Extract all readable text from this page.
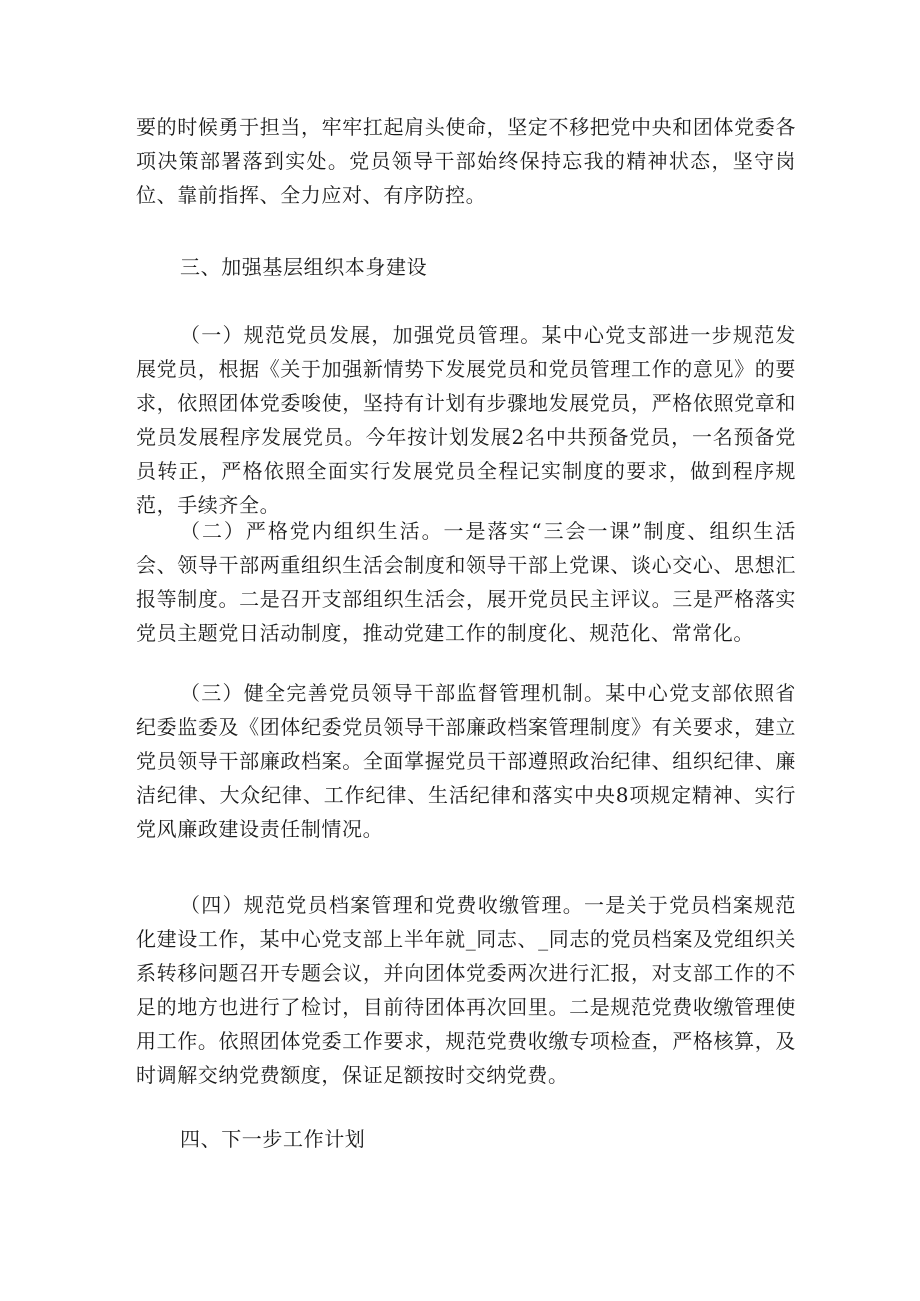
要的时候勇于担当，牢牢扛起肩头使命，坚定不移把党中央和团体党委各项决策部署落到实处。党员领导干部始终保持忘我的精神状态，坚守岗位、靠前指挥、全力应对、有序防控。

三、加强基层组织本身建设

（一）规范党员发展，加强党员管理。某中心党支部进一步规范发展党员，根据《关于加强新情势下发展党员和党员管理工作的意见》的要求，依照团体党委唆使，坚持有计划有步骤地发展党员，严格依照党章和党员发展程序发展党员。今年按计划发展2名中共预备党员，一名预备党员转正，严格依照全面实行发展党员全程记实制度的要求，做到程序规范，手续齐全。

（二）严格党内组织生活。一是落实“三会一课”制度、组织生活会、领导干部两重组织生活会制度和领导干部上党课、谈心交心、思想汇报等制度。二是召开支部组织生活会，展开党员民主评议。三是严格落实党员主题党日活动制度，推动党建工作的制度化、规范化、常常化。

（三）健全完善党员领导干部监督管理机制。某中心党支部依照省纪委监委及《团体纪委党员领导干部廉政档案管理制度》有关要求，建立党员领导干部廉政档案。全面掌握党员干部遵照政治纪律、组织纪律、廉洁纪律、大众纪律、工作纪律、生活纪律和落实中央8项规定精神、实行党风廉政建设责任制情况。

（四）规范党员档案管理和党费收缴管理。一是关于党员档案规范化建设工作，某中心党支部上半年就_同志、_同志的党员档案及党组织关系转移问题召开专题会议，并向团体党委两次进行汇报，对支部工作的不足的地方也进行了检讨，目前待团体再次回里。二是规范党费收缴管理使用工作。依照团体党委工作要求，规范党费收缴专项检查，严格核算，及时调解交纳党费额度，保证足额按时交纳党费。

四、下一步工作计划
